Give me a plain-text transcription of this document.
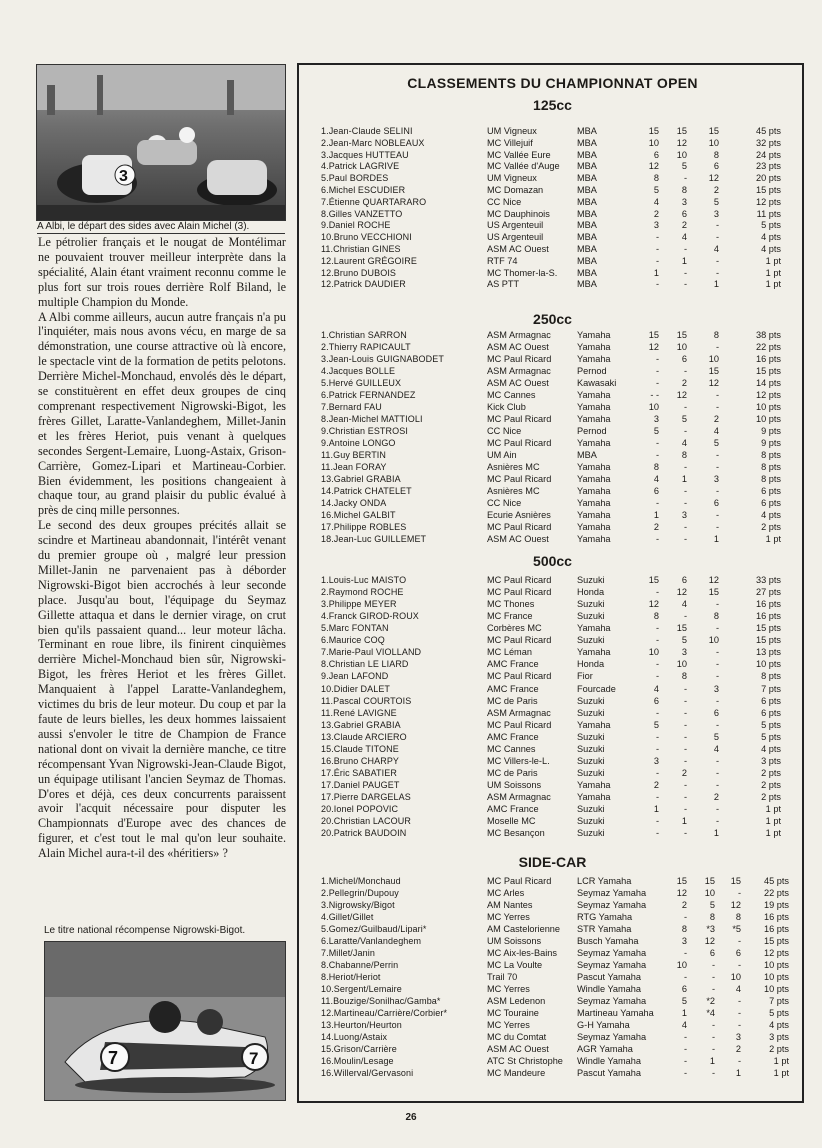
3
A Albi, le départ des sides avec Alain Michel (3).

Le pétrolier français et le nougat de Montélimar ne pouvaient trouver meilleur interprète dans la spécialité, Alain étant vraiment reconnu comme le plus fort sur trois roues derrière Rolf Biland, le multiple Champion du Monde.

A Albi comme ailleurs, aucun autre français n'a pu l'inquiéter, mais nous avons vécu, en marge de sa démonstration, une course attractive où là encore, le spectacle vint de la formation de petits pelotons. Derrière Michel-Monchaud, envolés dès le départ, se constituèrent en effet deux groupes de cinq comprenant respectivement Nigrowski-Bigot, les frères Gillet, Laratte-Vanlandeghem, Millet-Janin et les frères Heriot, puis venant à quelques secondes Sergent-Lemaire, Luong-Astaix, Grison-Carrière, Gomez-Lipari et Martineau-Corbier. Bien évidemment, les positions changeaient à chaque tour, au grand plaisir du public évalué à près de cinq mille personnes.

Le second des deux groupes précités allait se scindre et Martineau abandonnait, l'intérêt venant du premier groupe où , malgré leur pression Millet-Janin ne parvenaient pas à déborder Nigrowski-Bigot bien accrochés à leur seconde place. Jusqu'au bout, l'équipage du Seymaz Gillette attaqua et dans le dernier virage, on crut bien qu'ils passaient quand... leur moteur lâcha. Terminant en roue libre, ils finirent cinquièmes derrière Michel-Monchaud bien sûr, Nigrowski-Bigot, les frères Heriot et les frères Gillet. Manquaient à l'appel Laratte-Vanlandeghem, victimes du bris de leur moteur. Du coup et par la faute de leurs bielles, les deux hommes laissaient aussi s'envoler le titre de Champion de France national dont on vivait la dernière manche, ce titre récompensant Yvan Nigrowski-Jean-Claude Bigot, un équipage utilisant l'ancien Seymaz de Thomas. D'ores et déjà, ces deux concurrents paraissent avoir l'acquit nécessaire pour disputer les Championnats d'Europe avec des chances de figurer, et c'est tout le mal qu'on leur souhaite. Alain Michel aura-t-il des «héritiers» ?

Le titre national récompense Nigrowski-Bigot.
7	7
CLASSEMENTS DU CHAMPIONNAT OPEN
125cc
1.Jean-Claude SELINI	UM Vigneux	MBA	15	15	15	45 pts
2.Jean-Marc NOBLEAUX	MC Villejuif	MBA	10	12	10	32 pts
3.Jacques HUTTEAU	MC Vallée Eure	MBA	6	10	8	24 pts
4.Patrick LAGRIVE	MC Vallée d'Auge	MBA	12	5	6	23 pts
5.Paul BORDES	UM Vigneux	MBA	8	-	12	20 pts
6.Michel ESCUDIER	MC Domazan	MBA	5	8	2	15 pts
7.Étienne QUARTARARO	CC Nice	MBA	4	3	5	12 pts
8.Gilles VANZETTO	MC Dauphinois	MBA	2	6	3	11 pts
9.Daniel ROCHE	US Argenteuil	MBA	3	2	-	5 pts
10.Bruno VECCHIONI	US Argenteuil	MBA	-	4	-	4 pts
11.Christian GINES	ASM AC Ouest	MBA	-	-	4	4 pts
12.Laurent GRÉGOIRE	RTF 74	MBA	-	1	-	1 pt
12.Bruno DUBOIS	MC Thomer-la-S.	MBA	1	-	-	1 pt
12.Patrick DAUDIER	AS PTT	MBA	-	-	1	1 pt
250cc
1.Christian SARRON	ASM Armagnac	Yamaha	15	15	8	38 pts
2.Thierry RAPICAULT	ASM AC Ouest	Yamaha	12	10	-	22 pts
3.Jean-Louis GUIGNABODET	MC Paul Ricard	Yamaha	-	6	10	16 pts
4.Jacques BOLLE	ASM Armagnac	Pernod	-	-	15	15 pts
5.Hervé GUILLEUX	ASM AC Ouest	Kawasaki	-	2	12	14 pts
6.Patrick FERNANDEZ	MC Cannes	Yamaha	- -	12	-	12 pts
7.Bernard FAU	Kick Club	Yamaha	10	-	-	10 pts
8.Jean-Michel MATTIOLI	MC Paul Ricard	Yamaha	3	5	2	10 pts
9.Christian ESTROSI	CC Nice	Pernod	5	-	4	9 pts
9.Antoine LONGO	MC Paul Ricard	Yamaha	-	4	5	9 pts
11.Guy BERTIN	UM Ain	MBA	-	8	-	8 pts
11.Jean FORAY	Asnières MC	Yamaha	8	-	-	8 pts
13.Gabriel GRABIA	MC Paul Ricard	Yamaha	4	1	3	8 pts
14.Patrick CHATELET	Asnières MC	Yamaha	6	-	-	6 pts
14.Jacky ONDA	CC Nice	Yamaha	-	-	6	6 pts
16.Michel GALBIT	Ecurie Asnières	Yamaha	1	3	-	4 pts
17.Philippe ROBLES	MC Paul Ricard	Yamaha	2	-	-	2 pts
18.Jean-Luc GUILLEMET	ASM AC Ouest	Yamaha	-	-	1	1 pt
500cc
1.Louis-Luc MAISTO	MC Paul Ricard	Suzuki	15	6	12	33 pts
2.Raymond ROCHE	MC Paul Ricard	Honda	-	12	15	27 pts
3.Philippe MEYER	MC Thones	Suzuki	12	4	-	16 pts
4.Franck GIROD-ROUX	MC France	Suzuki	8	-	8	16 pts
5.Marc FONTAN	Corbères MC	Yamaha	-	15	-	15 pts
6.Maurice COQ	MC Paul Ricard	Suzuki	-	5	10	15 pts
7.Marie-Paul VIOLLAND	MC Léman	Yamaha	10	3	-	13 pts
8.Christian LE LIARD	AMC France	Honda	-	10	-	10 pts
9.Jean LAFOND	MC Paul Ricard	Fior	-	8	-	8 pts
10.Didier DALET	AMC France	Fourcade	4	-	3	7 pts
11.Pascal COURTOIS	MC de Paris	Suzuki	6	-	-	6 pts
11.René LAVIGNE	ASM Armagnac	Suzuki	-	-	6	6 pts
13.Gabriel GRABIA	MC Paul Ricard	Yamaha	5	-	-	5 pts
13.Claude ARCIERO	AMC France	Suzuki	-	-	5	5 pts
15.Claude TITONE	MC Cannes	Suzuki	-	-	4	4 pts
16.Bruno CHARPY	MC Villers-le-L.	Suzuki	3	-	-	3 pts
17.Éric SABATIER	MC de Paris	Suzuki	-	2	-	2 pts
17.Daniel PAUGET	UM Soissons	Yamaha	2	-	-	2 pts
17.Pierre DARGELAS	ASM Armagnac	Yamaha	-	-	2	2 pts
20.Ionel POPOVIC	AMC France	Suzuki	1	-	-	1 pt
20.Christian LACOUR	Moselle MC	Suzuki	-	1	-	1 pt
20.Patrick BAUDOIN	MC Besançon	Suzuki	-	-	1	1 pt
SIDE-CAR
1.Michel/Monchaud	MC Paul Ricard	LCR Yamaha	15	15	15	45 pts
2.Pellegrin/Dupouy	MC Arles	Seymaz Yamaha	12	10	-	22 pts
3.Nigrowsky/Bigot	AM Nantes	Seymaz Yamaha	2	5	12	19 pts
4.Gillet/Gillet	MC Yerres	RTG Yamaha	-	8	8	16 pts
5.Gomez/Guilbaud/Lipari*	AM Castelorienne	STR Yamaha	8	*3	*5	16 pts
6.Laratte/Vanlandeghem	UM Soissons	Busch Yamaha	3	12	-	15 pts
7.Millet/Janin	MC Aix-les-Bains	Seymaz Yamaha	-	6	6	12 pts
8.Chabanne/Perrin	MC La Voulte	Seymaz Yamaha	10	-	-	10 pts
8.Heriot/Heriot	Trail 70	Pascut Yamaha	-	-	10	10 pts
10.Sergent/Lemaire	MC Yerres	Windle Yamaha	6	-	4	10 pts
11.Bouzige/Sonilhac/Gamba*	ASM Ledenon	Seymaz Yamaha	5	*2	-	7 pts
12.Martineau/Carrière/Corbier*	MC Touraine	Martineau Yamaha	1	*4	-	5 pts
13.Heurton/Heurton	MC Yerres	G-H Yamaha	4	-	-	4 pts
14.Luong/Astaix	MC du Comtat	Seymaz Yamaha	-	-	3	3 pts
15.Grison/Carrière	ASM AC Ouest	AGR Yamaha	-	-	2	2 pts
16.Moulin/Lesage	ATC St Christophe	Windle Yamaha	-	1	-	1 pt
16.Willerval/Gervasoni	MC Mandeure	Pascut Yamaha	-	-	1	1 pt
26
